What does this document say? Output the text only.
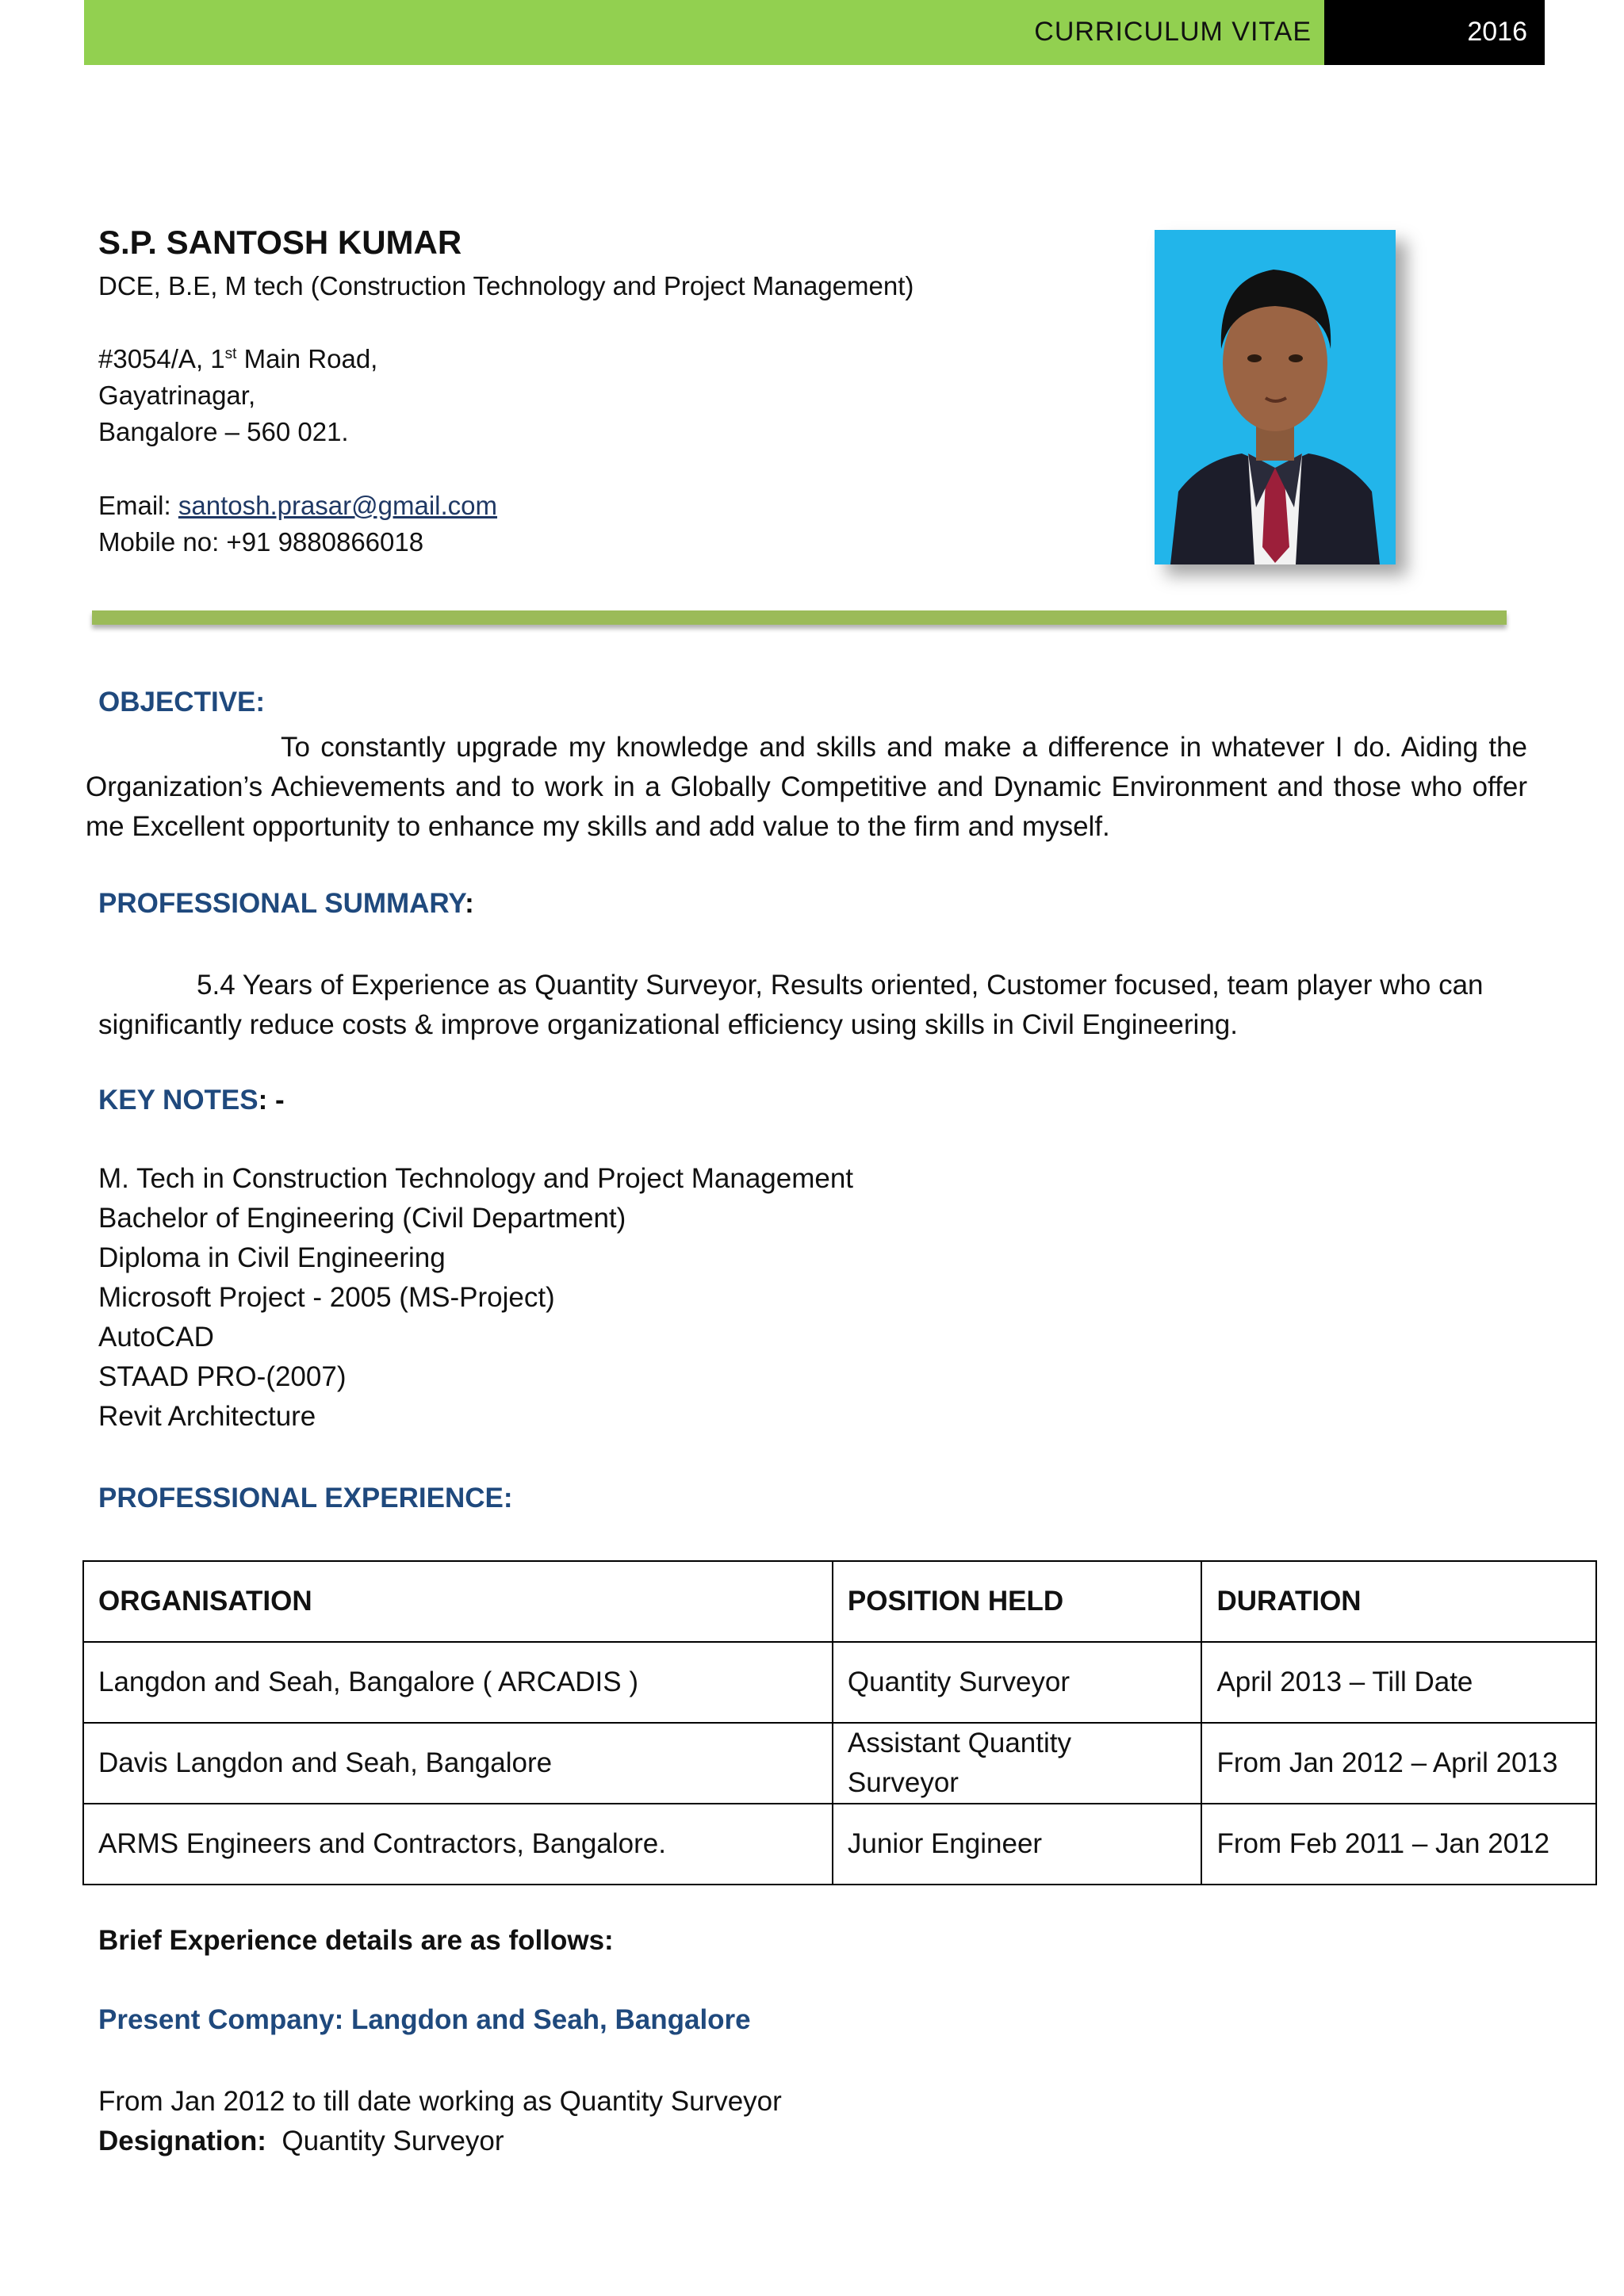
CURRICULUM VITAE	2016
S.P. SANTOSH KUMAR
DCE, B.E, M tech (Construction Technology and Project Management)
#3054/A, 1st Main Road,
Gayatrinagar,
Bangalore – 560 021.
Email: santosh.prasar@gmail.com
Mobile no: +91 9880866018
OBJECTIVE:
To constantly upgrade my knowledge and skills and make a difference in whatever I do. Aiding the Organization’s Achievements and to work in a Globally Competitive and Dynamic Environment and those who offer me Excellent opportunity to enhance my skills and add value to the firm and myself.
PROFESSIONAL SUMMARY:
5.4 Years of Experience as Quantity Surveyor, Results oriented, Customer focused, team player who can significantly reduce costs & improve organizational efficiency using skills in Civil Engineering.
KEY NOTES: -
M. Tech in Construction Technology and Project Management
Bachelor of Engineering (Civil Department)
Diploma in Civil Engineering
Microsoft Project - 2005 (MS-Project)
AutoCAD
STAAD PRO-(2007)
Revit Architecture
PROFESSIONAL EXPERIENCE:
ORGANISATION	POSITION HELD	DURATION
Langdon and Seah, Bangalore ( ARCADIS )	Quantity Surveyor	April 2013 – Till Date
Davis Langdon and Seah, Bangalore	Assistant Quantity Surveyor	From Jan 2012 – April 2013
ARMS Engineers and Contractors, Bangalore.	Junior Engineer	From Feb 2011 – Jan 2012
Brief Experience details are as follows:
Present Company: Langdon and Seah, Bangalore
From Jan 2012 to till date working as Quantity Surveyor
Designation: Quantity Surveyor
